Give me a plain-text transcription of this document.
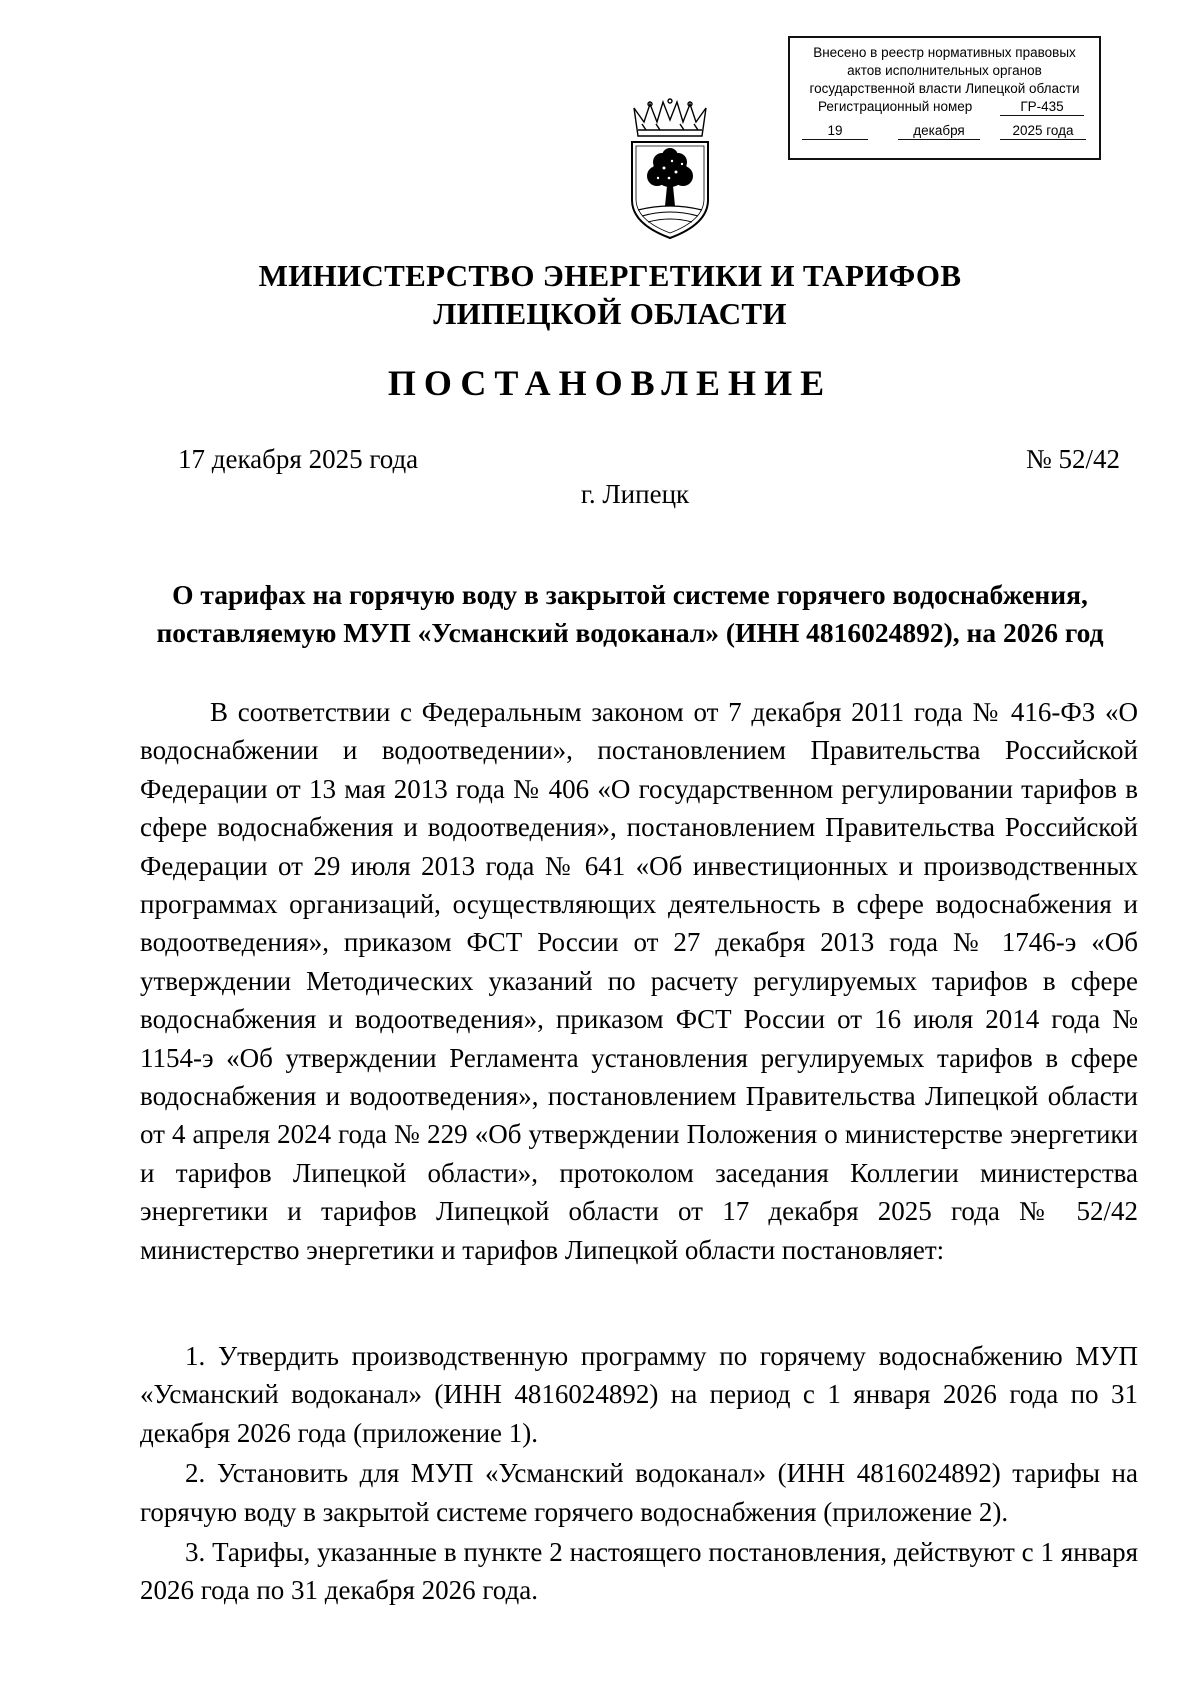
Внесено в реестр нормативных правовых
актов исполнительных органов
государственной власти Липецкой области
Регистрационный номер	ГР-435
19	декабря	2025 года
МИНИСТЕРСТВО ЭНЕРГЕТИКИ И ТАРИФОВ
ЛИПЕЦКОЙ ОБЛАСТИ
ПОСТАНОВЛЕНИЕ
17 декабря 2025 года	№ 52/42
г. Липецк
О тарифах на горячую воду в закрытой системе горячего водоснабжения,
поставляемую МУП «Усманский водоканал» (ИНН 4816024892), на 2026 год

В соответствии с Федеральным законом от 7 декабря 2011 года № 416-ФЗ «О водоснабжении и водоотведении», постановлением Правительства Российской Федерации от 13 мая 2013 года № 406 «О государственном регулировании тарифов в сфере водоснабжения и водоотведения», постановлением Правительства Российской Федерации от 29 июля 2013 года № 641 «Об инвестиционных и производственных программах организаций, осуществляющих деятельность в сфере водоснабжения и водоотведения», приказом ФСТ России от 27 декабря 2013 года № 1746-э «Об утверждении Методических указаний по расчету регулируемых тарифов в сфере водоснабжения и водоотведения», приказом ФСТ России от 16 июля 2014 года № 1154-э «Об утверждении Регламента установления регулируемых тарифов в сфере водоснабжения и водоотведения», постановлением Правительства Липецкой области от 4 апреля 2024 года № 229 «Об утверждении Положения о министерстве энергетики и тарифов Липецкой области», протоколом заседания Коллегии министерства энергетики и тарифов Липецкой области от 17 декабря 2025 года № 52/42 министерство энергетики и тарифов Липецкой области постановляет:

1. Утвердить производственную программу по горячему водоснабжению МУП «Усманский водоканал» (ИНН 4816024892) на период с 1 января 2026 года по 31 декабря 2026 года (приложение 1).

2. Установить для МУП «Усманский водоканал» (ИНН 4816024892) тарифы на горячую воду в закрытой системе горячего водоснабжения (приложение 2).

3. Тарифы, указанные в пункте 2 настоящего постановления, действуют с 1 января 2026 года по 31 декабря 2026 года.
